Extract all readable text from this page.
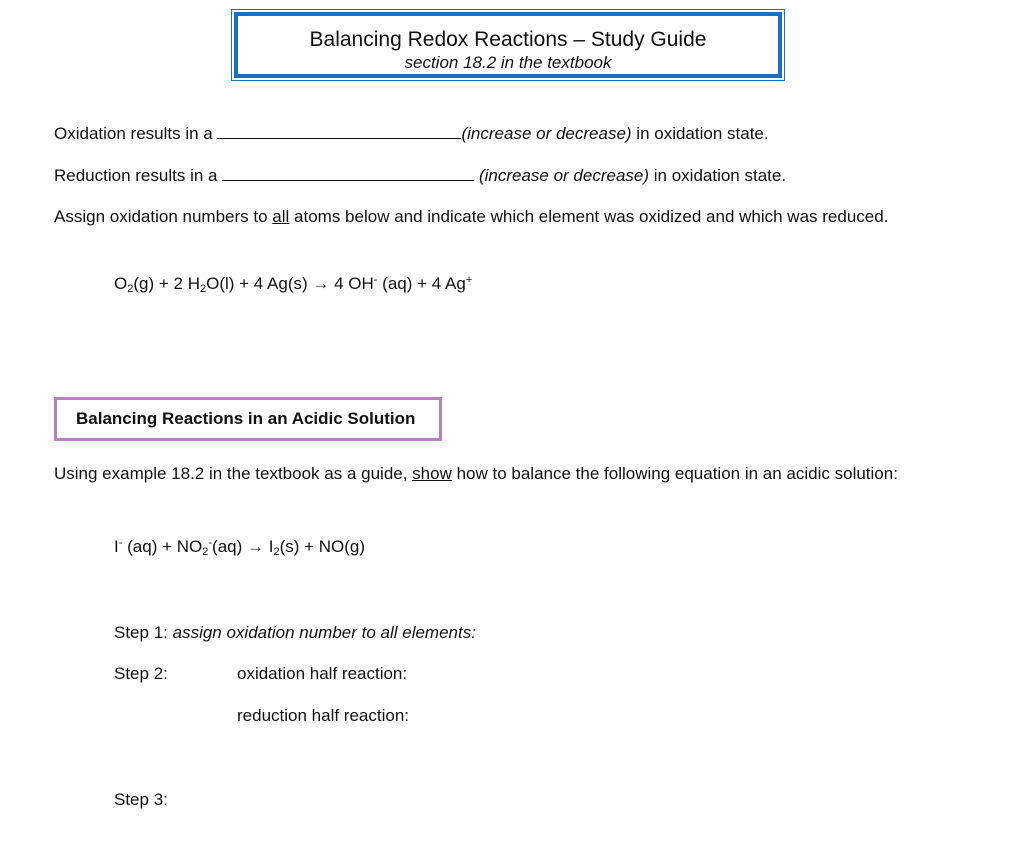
Balancing Redox Reactions – Study Guide
section 18.2 in the textbook
Oxidation results in a	(increase or decrease) in oxidation state.
Reduction results in a	(increase or decrease) in oxidation state.
Assign oxidation numbers to all atoms below and indicate which element was oxidized and which was reduced.
$O_2(g) + 2$ $H_2O(l) + 4$ Ag(s) → 4 OH- (aq) + 4 Ag+
Balancing Reactions in an Acidic Solution
Using example 18.2 in the textbook as a guide, show how to balance the following equation in an acidic solution:
I- $(aq) + NO_2^-(aq) \to I_2(s) + NO(g)$
Step 1: assign oxidation number to all elements:
Step 2:	oxidation half reaction:
reduction half reaction:
Step 3:
